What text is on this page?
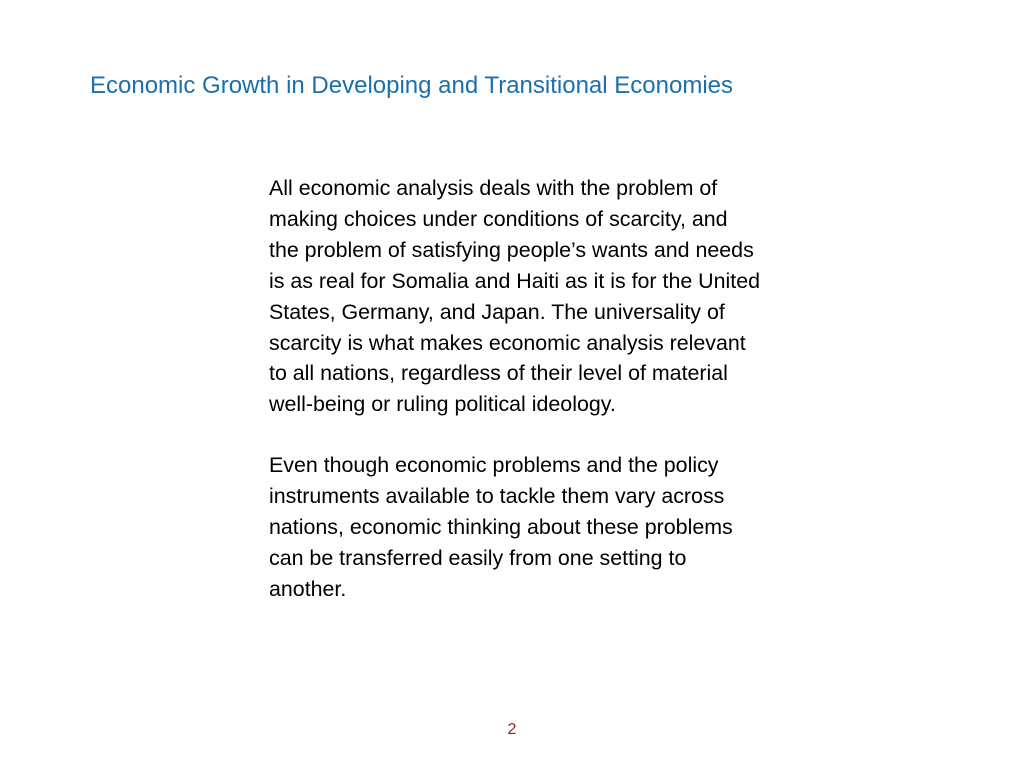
Economic Growth in Developing and Transitional Economies

All economic analysis deals with the problem of
making choices under conditions of scarcity, and
the problem of satisfying people’s wants and needs
is as real for Somalia and Haiti as it is for the United
States, Germany, and Japan. The universality of
scarcity is what makes economic analysis relevant
to all nations, regardless of their level of material
well-being or ruling political ideology.

Even though economic problems and the policy
instruments available to tackle them vary across
nations, economic thinking about these problems
can be transferred easily from one setting to
another.

2
